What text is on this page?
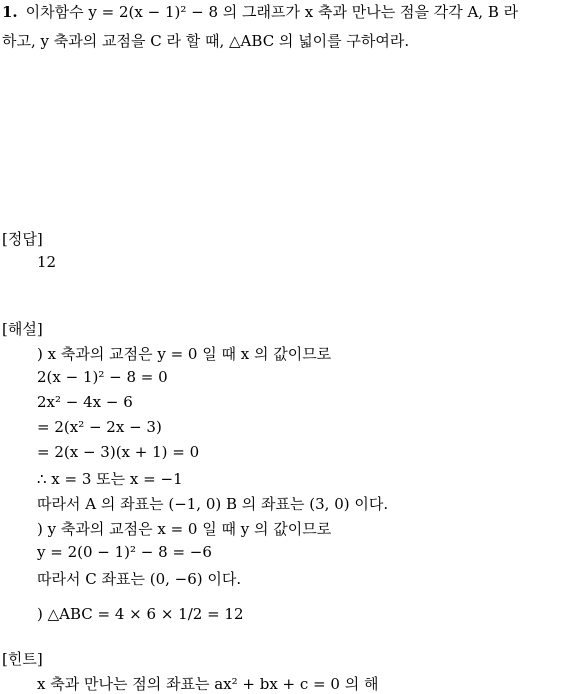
1. 이차함수 y = 2(x − 1)² − 8 의 그래프가 x 축과 만나는 점을 각각 A, B 라
하고, y 축과의 교점을 C 라 할 때, △ABC 의 넓이를 구하여라.
[정답]
12
[해설]
) x 축과의 교점은 y = 0 일 때 x 의 값이므로
2(x − 1)² − 8 = 0
2x² − 4x − 6
= 2(x² − 2x − 3)
= 2(x − 3)(x + 1) = 0
∴ x = 3 또는 x = −1
따라서 A 의 좌표는 (−1, 0) B 의 좌표는 (3, 0) 이다.
) y 축과의 교점은 x = 0 일 때 y 의 값이므로
y = 2(0 − 1)² − 8 = −6
따라서 C 좌표는 (0, −6) 이다.
) △ABC = 4 × 6 × 1/2 = 12
[힌트]
x 축과 만나는 점의 좌표는 ax² + bx + c = 0 의 해
